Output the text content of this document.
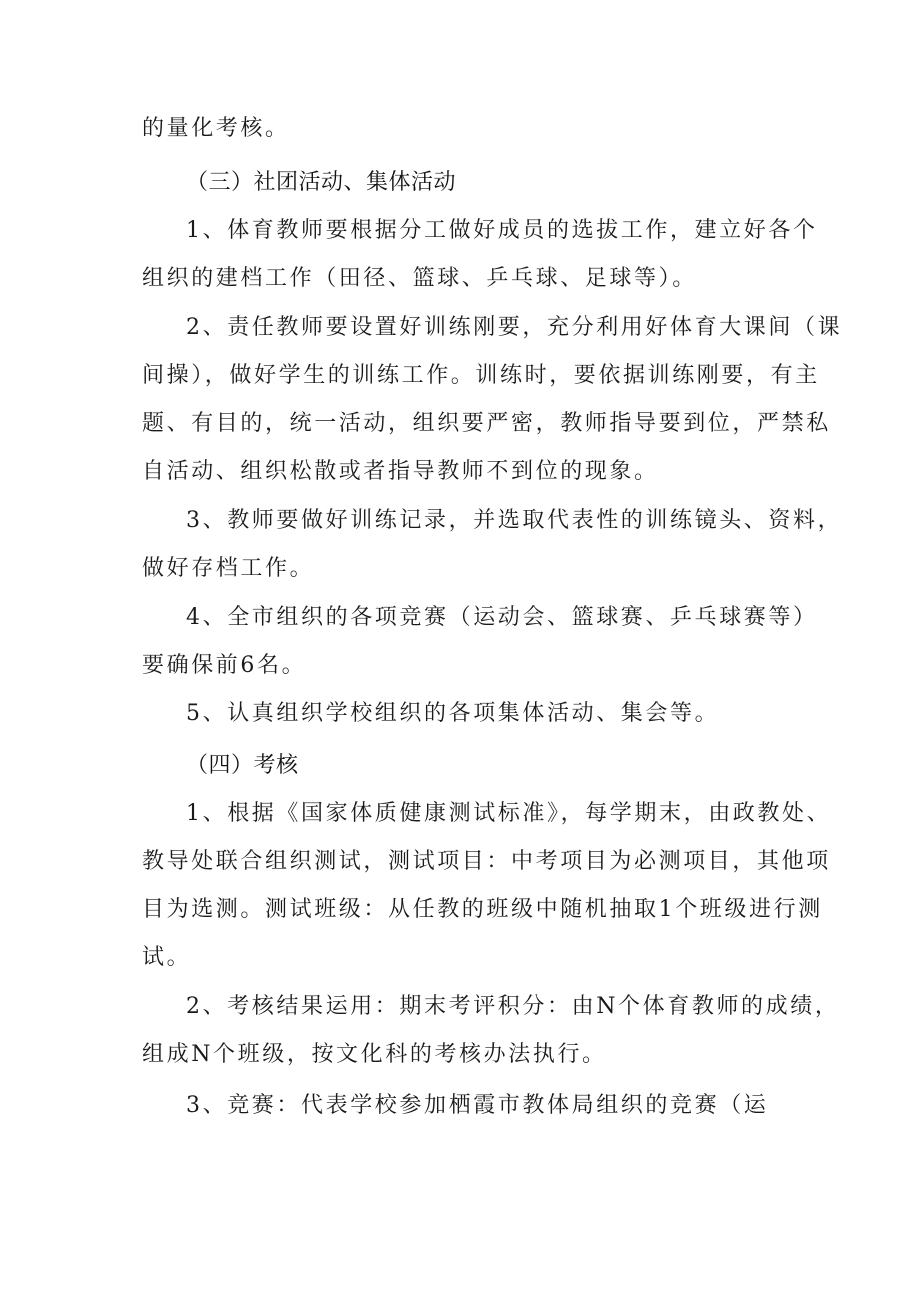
的量化考核。
（三）社团活动、集体活动
1、体育教师要根据分工做好成员的选拔工作，建立好各个
组织的建档工作（田径、篮球、乒乓球、足球等）。
2、责任教师要设置好训练刚要，充分利用好体育大课间（课
间操），做好学生的训练工作。训练时，要依据训练刚要，有主
题、有目的，统一活动，组织要严密，教师指导要到位，严禁私
自活动、组织松散或者指导教师不到位的现象。
3、教师要做好训练记录，并选取代表性的训练镜头、资料，
做好存档工作。
4、全市组织的各项竞赛（运动会、篮球赛、乒乓球赛等）
要确保前6名。
5、认真组织学校组织的各项集体活动、集会等。
（四）考核
1、根据《国家体质健康测试标准》，每学期末，由政教处、
教导处联合组织测试，测试项目：中考项目为必测项目，其他项
目为选测。测试班级：从任教的班级中随机抽取1个班级进行测
试。
2、考核结果运用：期末考评积分：由N个体育教师的成绩，
组成N个班级，按文化科的考核办法执行。
3、竞赛：代表学校参加栖霞市教体局组织的竞赛（运
